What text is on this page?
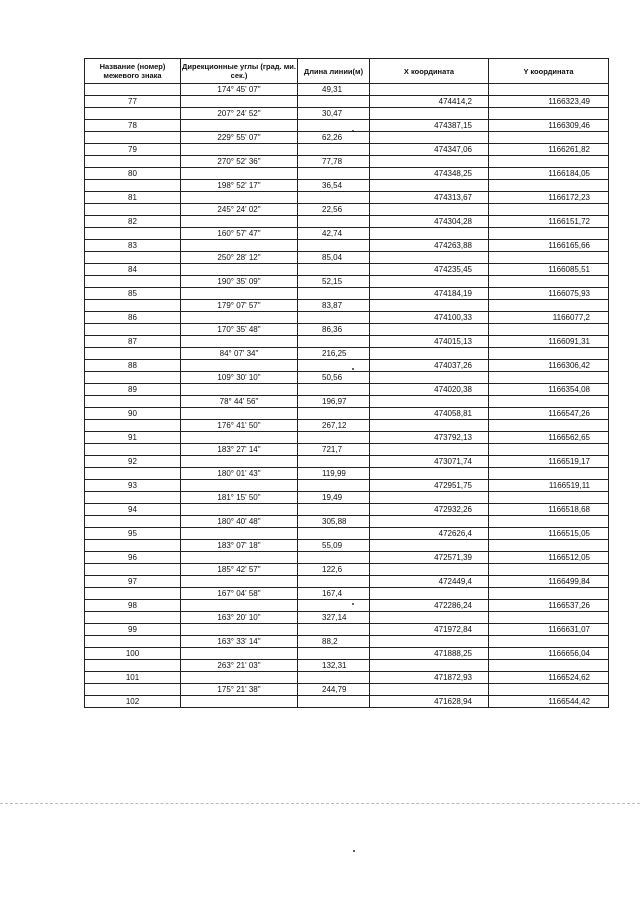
Название (номер) межевого знака	Дирекционные углы (град. ми. сек.)	Длина линии(м)	X координата	Y координата
	174° 45' 07"	49,31		
77			474414,2	1166323,49
	207° 24' 52"	30,47		
78			474387,15	1166309,46
	229° 55' 07"	62,26		
79			474347,06	1166261,82
	270° 52' 36"	77,78		
80			474348,25	1166184,05
	198° 52' 17"	36,54		
81			474313,67	1166172,23
	245° 24' 02"	22,56		
82			474304,28	1166151,72
	160° 57' 47"	42,74		
83			474263,88	1166165,66
	250° 28' 12"	85,04		
84			474235,45	1166085,51
	190° 35' 09"	52,15		
85			474184,19	1166075,93
	179° 07' 57"	83,87		
86			474100,33	1166077,2
	170° 35' 48"	86,36		
87			474015,13	1166091,31
	84° 07' 34"	216,25		
88			474037,26	1166306,42
	109° 30' 10"	50,56		
89			474020,38	1166354,08
	78° 44' 56"	196,97		
90			474058,81	1166547,26
	176° 41' 50"	267,12		
91			473792,13	1166562,65
	183° 27' 14"	721,7		
92			473071,74	1166519,17
	180° 01' 43"	119,99		
93			472951,75	1166519,11
	181° 15' 50"	19,49		
94			472932,26	1166518,68
	180° 40' 48"	305,88		
95			472626,4	1166515,05
	183° 07' 18"	55,09		
96			472571,39	1166512,05
	185° 42' 57"	122,6		
97			472449,4	1166499,84
	167° 04' 58"	167,4		
98			472286,24	1166537,26
	163° 20' 10"	327,14		
99			471972,84	1166631,07
	163° 33' 14"	88,2		
100			471888,25	1166656,04
	263° 21' 03"	132,31		
101			471872,93	1166524,62
	175° 21' 38"	244,79		
102			471628,94	1166544,42
